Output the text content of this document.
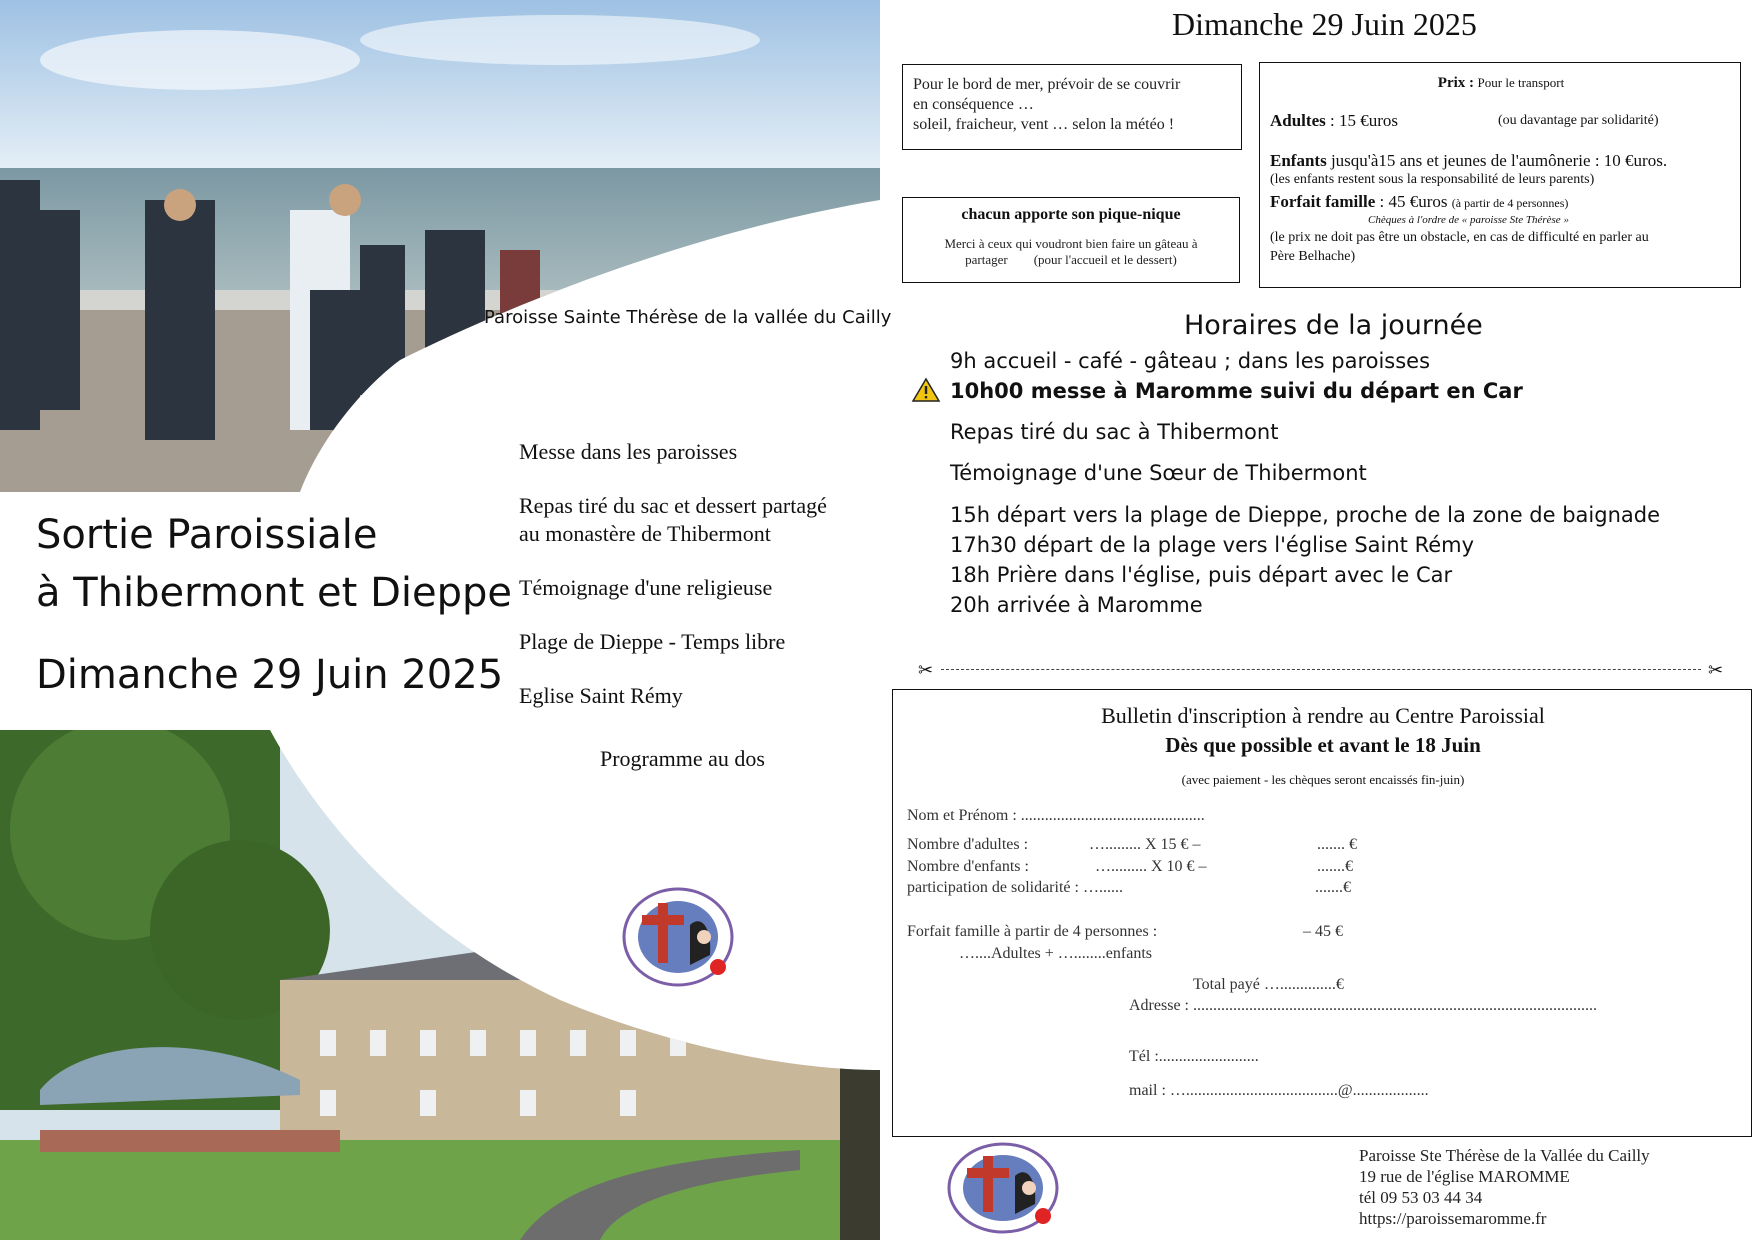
Paroisse Sainte Thérèse de la vallée du Cailly
Sortie Paroissiale
à Thibermont et Dieppe
Dimanche 29 Juin 2025
Messe dans les paroisses
Repas tiré du sac et dessert partagé
au monastère de Thibermont
Témoignage d'une religieuse
Plage de Dieppe - Temps libre
Eglise Saint Rémy
Programme au dos
Dimanche 29 Juin 2025
Pour le bord de mer, prévoir de se couvrir
en conséquence …
soleil, fraicheur, vent … selon la météo !
chacun apporte son pique-nique
Merci à ceux qui voudront bien faire un gâteau à
partager        (pour l'accueil et le dessert)
Prix : Pour le transport
Adultes : 15 €uros	(ou davantage par solidarité)
Enfants jusqu'à15 ans et jeunes de l'aumônerie : 10 €uros.
(les enfants restent sous la responsabilité de leurs parents)
Forfait famille : 45 €uros (à partir de 4 personnes)
Chèques à l'ordre de « paroisse Ste Thérèse »
(le prix ne doit pas être un obstacle, en cas de difficulté en parler au
Père Belhache)
Horaires de la journée
9h accueil - café - gâteau ; dans les paroisses
10h00 messe à Maromme suivi du départ en Car
Repas tiré du sac à Thibermont
Témoignage d'une Sœur de Thibermont
15h départ vers la plage de Dieppe, proche de la zone de baignade
17h30 départ de la plage vers l'église Saint Rémy
18h Prière dans l'église, puis départ avec le Car
20h arrivée à Maromme
✂	✂
Bulletin d'inscription à rendre au Centre Paroissial
Dès que possible et avant le 18 Juin
(avec paiement - les chèques seront encaissés fin-juin)
Nom et Prénom : ..............................................
Nombre d'adultes :	…......... X 15 € –	....... €
Nombre d'enfants :	…......... X 10 € –	.......€
participation de solidarité : …......	.......€
Forfait famille à partir de 4 personnes :	– 45 €
…....Adultes + …........enfants
Total payé …..............€
Adresse : .....................................................................................................
Tél :.........................
mail : …......................................@...................
Paroisse Ste Thérèse de la Vallée du Cailly
19 rue de l'église MAROMME
tél 09 53 03 44 34
https://paroissemaromme.fr
